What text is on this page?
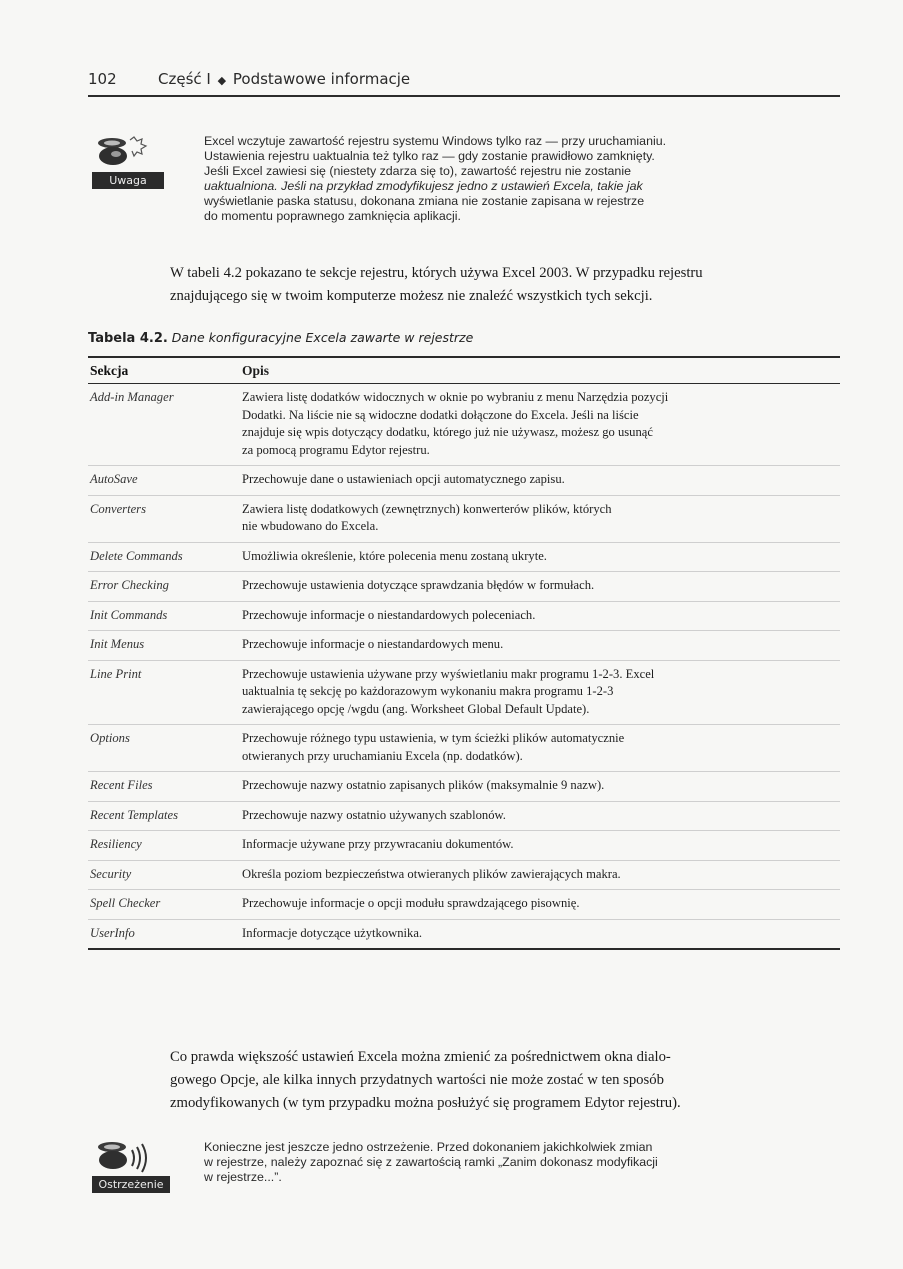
102	Część I ◆ Podstawowe informacje
Uwaga
Excel wczytuje zawartość rejestru systemu Windows tylko raz — przy uruchamianiu.
Ustawienia rejestru uaktualnia też tylko raz — gdy zostanie prawidłowo zamknięty.
Jeśli Excel zawiesi się (niestety zdarza się to), zawartość rejestru nie zostanie
uaktualniona. Jeśli na przykład zmodyfikujesz jedno z ustawień Excela, takie jak
wyświetlanie paska statusu, dokonana zmiana nie zostanie zapisana w rejestrze
do momentu poprawnego zamknięcia aplikacji.
W tabeli 4.2 pokazano te sekcje rejestru, których używa Excel 2003. W przypadku rejestru
znajdującego się w twoim komputerze możesz nie znaleźć wszystkich tych sekcji.
Tabela 4.2. Dane konfiguracyjne Excela zawarte w rejestrze
Sekcja	Opis
Add-in Manager	Zawiera listę dodatków widocznych w oknie po wybraniu z menu Narzędzia pozycji
Dodatki. Na liście nie są widoczne dodatki dołączone do Excela. Jeśli na liście
znajduje się wpis dotyczący dodatku, którego już nie używasz, możesz go usunąć
za pomocą programu Edytor rejestru.
AutoSave	Przechowuje dane o ustawieniach opcji automatycznego zapisu.
Converters	Zawiera listę dodatkowych (zewnętrznych) konwerterów plików, których
nie wbudowano do Excela.
Delete Commands	Umożliwia określenie, które polecenia menu zostaną ukryte.
Error Checking	Przechowuje ustawienia dotyczące sprawdzania błędów w formułach.
Init Commands	Przechowuje informacje o niestandardowych poleceniach.
Init Menus	Przechowuje informacje o niestandardowych menu.
Line Print	Przechowuje ustawienia używane przy wyświetlaniu makr programu 1-2-3. Excel
uaktualnia tę sekcję po każdorazowym wykonaniu makra programu 1-2-3
zawierającego opcję /wgdu (ang. Worksheet Global Default Update).
Options	Przechowuje różnego typu ustawienia, w tym ścieżki plików automatycznie
otwieranych przy uruchamianiu Excela (np. dodatków).
Recent Files	Przechowuje nazwy ostatnio zapisanych plików (maksymalnie 9 nazw).
Recent Templates	Przechowuje nazwy ostatnio używanych szablonów.
Resiliency	Informacje używane przy przywracaniu dokumentów.
Security	Określa poziom bezpieczeństwa otwieranych plików zawierających makra.
Spell Checker	Przechowuje informacje o opcji modułu sprawdzającego pisownię.
UserInfo	Informacje dotyczące użytkownika.
Co prawda większość ustawień Excela można zmienić za pośrednictwem okna dialo-
gowego Opcje, ale kilka innych przydatnych wartości nie może zostać w ten sposób
zmodyfikowanych (w tym przypadku można posłużyć się programem Edytor rejestru).
Ostrzeżenie
Konieczne jest jeszcze jedno ostrzeżenie. Przed dokonaniem jakichkolwiek zmian
w rejestrze, należy zapoznać się z zawartością ramki „Zanim dokonasz modyfikacji
w rejestrze...”.
